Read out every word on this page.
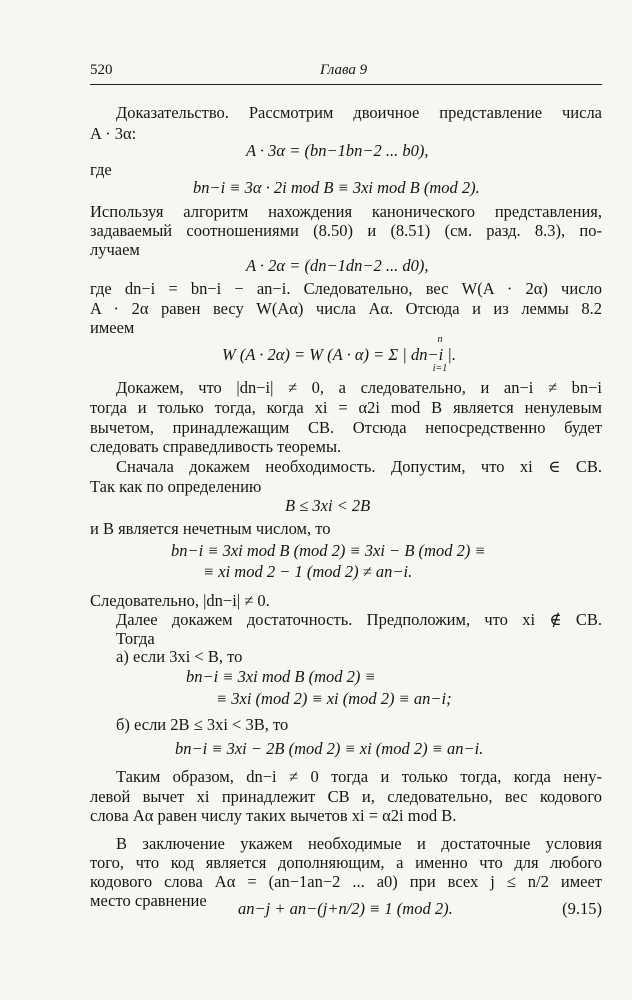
520	Глава 9
Доказательство. Рассмотрим двоичное представление числа
A · 3α:
A · 3α = (bn−1bn−2 ... b0),
где
bn−i ≡ 3α · 2i mod B ≡ 3xi mod B (mod 2).
Используя алгоритм нахождения канонического представления,
задаваемый соотношениями (8.50) и (8.51) (см. разд. 8.3), по-
лучаем
A · 2α = (dn−1dn−2 ... d0),
где dn−i = bn−i − an−i. Следовательно, вес W(A · 2α) число
A · 2α равен весу W(Aα) числа Aα. Отсюда и из леммы 8.2
имеем
n
i=1
W (A · 2α) = W (A · α) = Σ | dn−i |.
Докажем, что |dn−i| ≠ 0, а следовательно, и an−i ≠ bn−i
тогда и только тогда, когда xi = α2i mod B является ненулевым
вычетом, принадлежащим CB. Отсюда непосредственно будет
следовать справедливость теоремы.
Сначала докажем необходимость. Допустим, что xi ∈ CB.
Так как по определению
B ≤ 3xi < 2B
и B является нечетным числом, то
bn−i ≡ 3xi mod B (mod 2) ≡ 3xi − B (mod 2) ≡
≡ xi mod 2 − 1 (mod 2) ≠ an−i.
Следовательно, |dn−i| ≠ 0.
Далее докажем достаточность. Предположим, что xi ∉ CB.
Тогда
а) если 3xi < B, то
bn−i ≡ 3xi mod B (mod 2) ≡
≡ 3xi (mod 2) ≡ xi (mod 2) ≡ an−i;
б) если 2B ≤ 3xi < 3B, то
bn−i ≡ 3xi − 2B (mod 2) ≡ xi (mod 2) ≡ an−i.
Таким образом, dn−i ≠ 0 тогда и только тогда, когда нену-
левой вычет xi принадлежит CB и, следовательно, вес кодового
слова Aα равен числу таких вычетов xi = α2i mod B.
В заключение укажем необходимые и достаточные условия
того, что код является дополняющим, а именно что для любого
кодового слова Aα = (an−1an−2 ... a0) при всех j ≤ n/2 имеет
место сравнение an−j + an−(j+n/2) ≡ 1 (mod 2).	(9.15)
